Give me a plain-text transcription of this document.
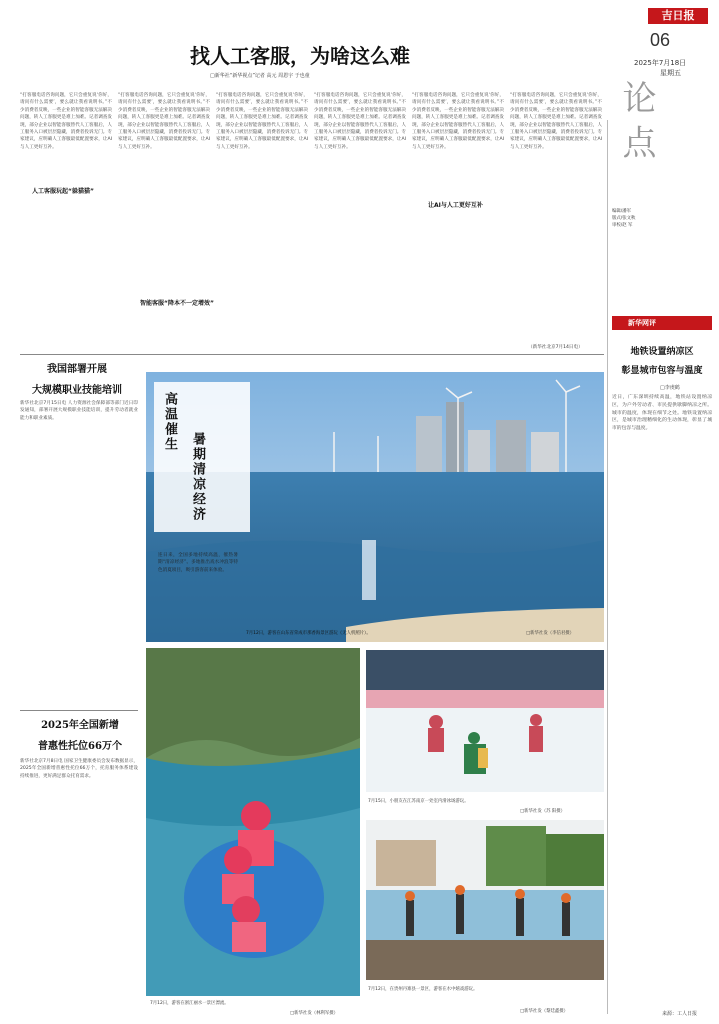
吉日报
06
2025年7月18日
星期五
论 点
编辑/潘军
版式/张文秋
审校/赵 军
找人工客服，为啥这么难
□新华社“新华视点”记者 高元 周恩宇 于也童
“打客服电话咨询问题，它只会重复说‘你好，请问有什么需要’，要么就让我看说明书。”不少消费者反映，一些企业的智能客服无法解决问题，转人工客服更是难上加难。记者调查发现，部分企业以智能客服替代人工客服后，人工服务入口被层层隐藏，消费者投诉无门。专家建议，应明确人工客服最低配置要求，让AI与人工更好互补。
人工客服玩起“躲猫猫”
“打客服电话咨询问题，它只会重复说‘你好，请问有什么需要’，要么就让我看说明书。”不少消费者反映，一些企业的智能客服无法解决问题，转人工客服更是难上加难。记者调查发现，部分企业以智能客服替代人工客服后，人工服务入口被层层隐藏，消费者投诉无门。专家建议，应明确人工客服最低配置要求，让AI与人工更好互补。
智能客服“降本不一定增效”
“打客服电话咨询问题，它只会重复说‘你好，请问有什么需要’，要么就让我看说明书。”不少消费者反映，一些企业的智能客服无法解决问题，转人工客服更是难上加难。记者调查发现，部分企业以智能客服替代人工客服后，人工服务入口被层层隐藏，消费者投诉无门。专家建议，应明确人工客服最低配置要求，让AI与人工更好互补。
“打客服电话咨询问题，它只会重复说‘你好，请问有什么需要’，要么就让我看说明书。”不少消费者反映，一些企业的智能客服无法解决问题，转人工客服更是难上加难。记者调查发现，部分企业以智能客服替代人工客服后，人工服务入口被层层隐藏，消费者投诉无门。专家建议，应明确人工客服最低配置要求，让AI与人工更好互补。
让AI与人工更好互补
“打客服电话咨询问题，它只会重复说‘你好，请问有什么需要’，要么就让我看说明书。”不少消费者反映，一些企业的智能客服无法解决问题，转人工客服更是难上加难。记者调查发现，部分企业以智能客服替代人工客服后，人工服务入口被层层隐藏，消费者投诉无门。专家建议，应明确人工客服最低配置要求，让AI与人工更好互补。
“打客服电话咨询问题，它只会重复说‘你好，请问有什么需要’，要么就让我看说明书。”不少消费者反映，一些企业的智能客服无法解决问题，转人工客服更是难上加难。记者调查发现，部分企业以智能客服替代人工客服后，人工服务入口被层层隐藏，消费者投诉无门。专家建议，应明确人工客服最低配置要求，让AI与人工更好互补。
（新华社北京7月14日电）
我国部署开展
大规模职业技能培训
新华社北京7月15日电 人力资源社会保障部等部门近日印发通知，部署开展大规模职业技能培训，提升劳动者就业能力和职业素质。
2025年全国新增
普惠性托位66万个
新华社北京7月8日电 国家卫生健康委员会发布数据显示，2025年全国新增普惠性托位66万个，托育服务体系建设持续推进，更好满足群众托育需求。
高温催生
暑期清凉经济
连日来，全国多地持续高温，催热暑期“清凉经济”。多地推出戏水冲浪等特色消夏项目，吸引游客前来体验。
7月12日，游客在山东省荣成市那香海景区游玩（无人机照片）。	□新华社发（李信君摄）
7月15日，小朋友在江苏南京一处室内滑冰场游玩。
□新华社发（苏 阳摄）
7月12日，游客在浙江丽水一景区漂流。
□新华社发（林利军摄）
7月12日，在贵州丹寨县一景区，游客在水中嬉戏游玩。
□新华社发（黎廷鑫摄）
新华网评
地铁设置纳凉区
彰显城市包容与温度
□李虔鹤
近日，广东深圳持续高温，地铁站设置纳凉区，为户外劳动者、市民提供歇脚纳凉之所。城市的温度，体现在细节之处。地铁设置纳凉区，是城市治理精细化的生动体现，彰显了城市的包容与温度。
来源：工人日报
